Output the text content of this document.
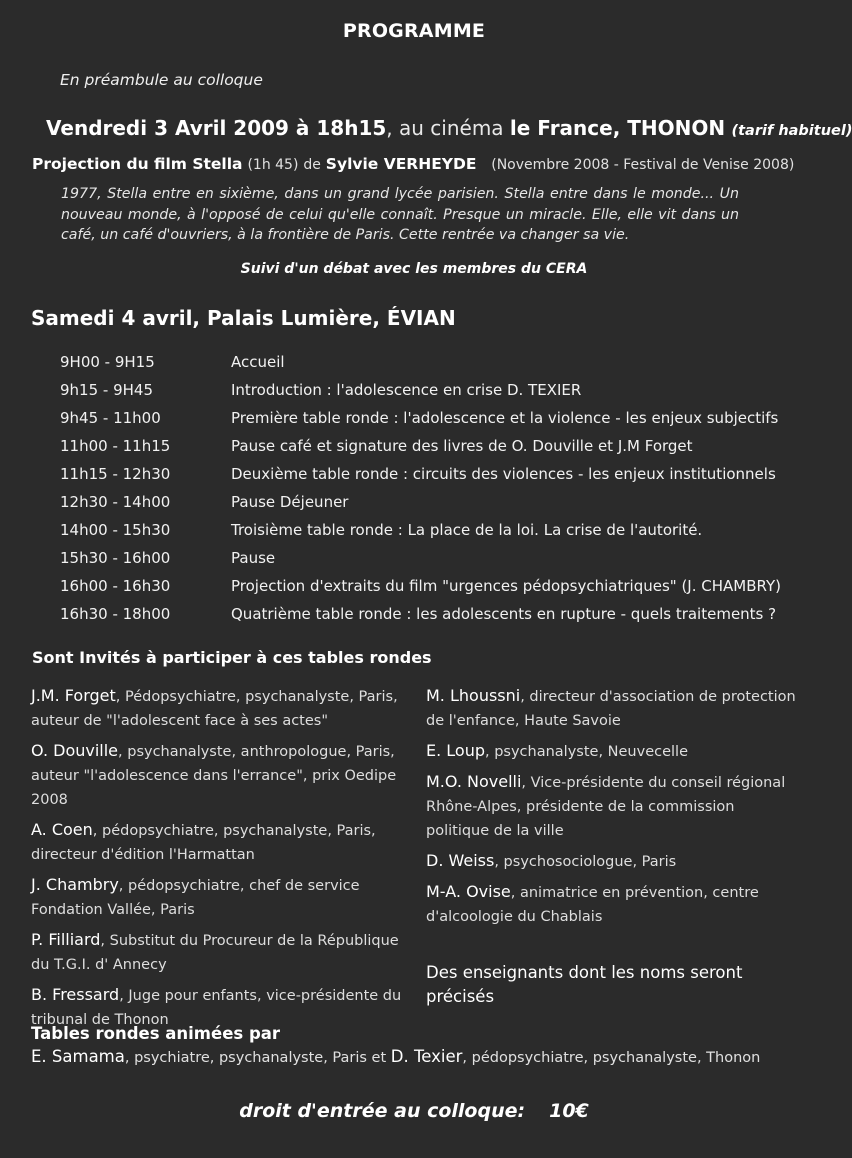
PROGRAMME
En préambule au colloque
Vendredi 3 Avril 2009 à 18h15, au cinéma le France, THONON (tarif habituel)
Projection du film Stella (1h 45) de Sylvie VERHEYDE (Novembre 2008 - Festival de Venise 2008)
1977, Stella entre en sixième, dans un grand lycée parisien. Stella entre dans le monde... Un nouveau monde, à l'opposé de celui qu'elle connaît. Presque un miracle. Elle, elle vit dans un café, un café d'ouvriers, à la frontière de Paris. Cette rentrée va changer sa vie.
Suivi d'un débat avec les membres du CERA
Samedi 4 avril, Palais Lumière, ÉVIAN
9H00 - 9H15	Accueil
9h15 - 9H45	Introduction : l'adolescence en crise D. TEXIER
9h45 - 11h00	Première table ronde : l'adolescence et la violence - les enjeux subjectifs
11h00 - 11h15	Pause café et signature des livres de O. Douville et J.M Forget
11h15 - 12h30	Deuxième table ronde : circuits des violences - les enjeux institutionnels
12h30 - 14h00	Pause Déjeuner
14h00 - 15h30	Troisième table ronde : La place de la loi. La crise de l'autorité.
15h30 - 16h00	Pause
16h00 - 16h30	Projection d'extraits du film "urgences pédopsychiatriques" (J. CHAMBRY)
16h30 - 18h00	Quatrième table ronde : les adolescents en rupture - quels traitements ?
Sont Invités à participer à ces tables rondes
J.M. Forget, Pédopsychiatre, psychanalyste, Paris, auteur de "l'adolescent face à ses actes"
O. Douville, psychanalyste, anthropologue, Paris, auteur "l'adolescence dans l'errance", prix Oedipe 2008
A. Coen, pédopsychiatre, psychanalyste, Paris, directeur d'édition l'Harmattan
J. Chambry, pédopsychiatre, chef de service Fondation Vallée, Paris
P. Filliard, Substitut du Procureur de la République du T.G.I. d' Annecy
B. Fressard, Juge pour enfants, vice-présidente du tribunal de Thonon
M. Lhoussni, directeur d'association de protection de l'enfance, Haute Savoie
E. Loup, psychanalyste, Neuvecelle
M.O. Novelli, Vice-présidente du conseil régional Rhône-Alpes, présidente de la commission politique de la ville
D. Weiss, psychosociologue, Paris
M-A. Ovise, animatrice en prévention, centre d'alcoologie du Chablais
Des enseignants dont les noms seront précisés
Tables rondes animées par
E. Samama, psychiatre, psychanalyste, Paris et D. Texier, pédopsychiatre, psychanalyste, Thonon
droit d'entrée au colloque: 10€
